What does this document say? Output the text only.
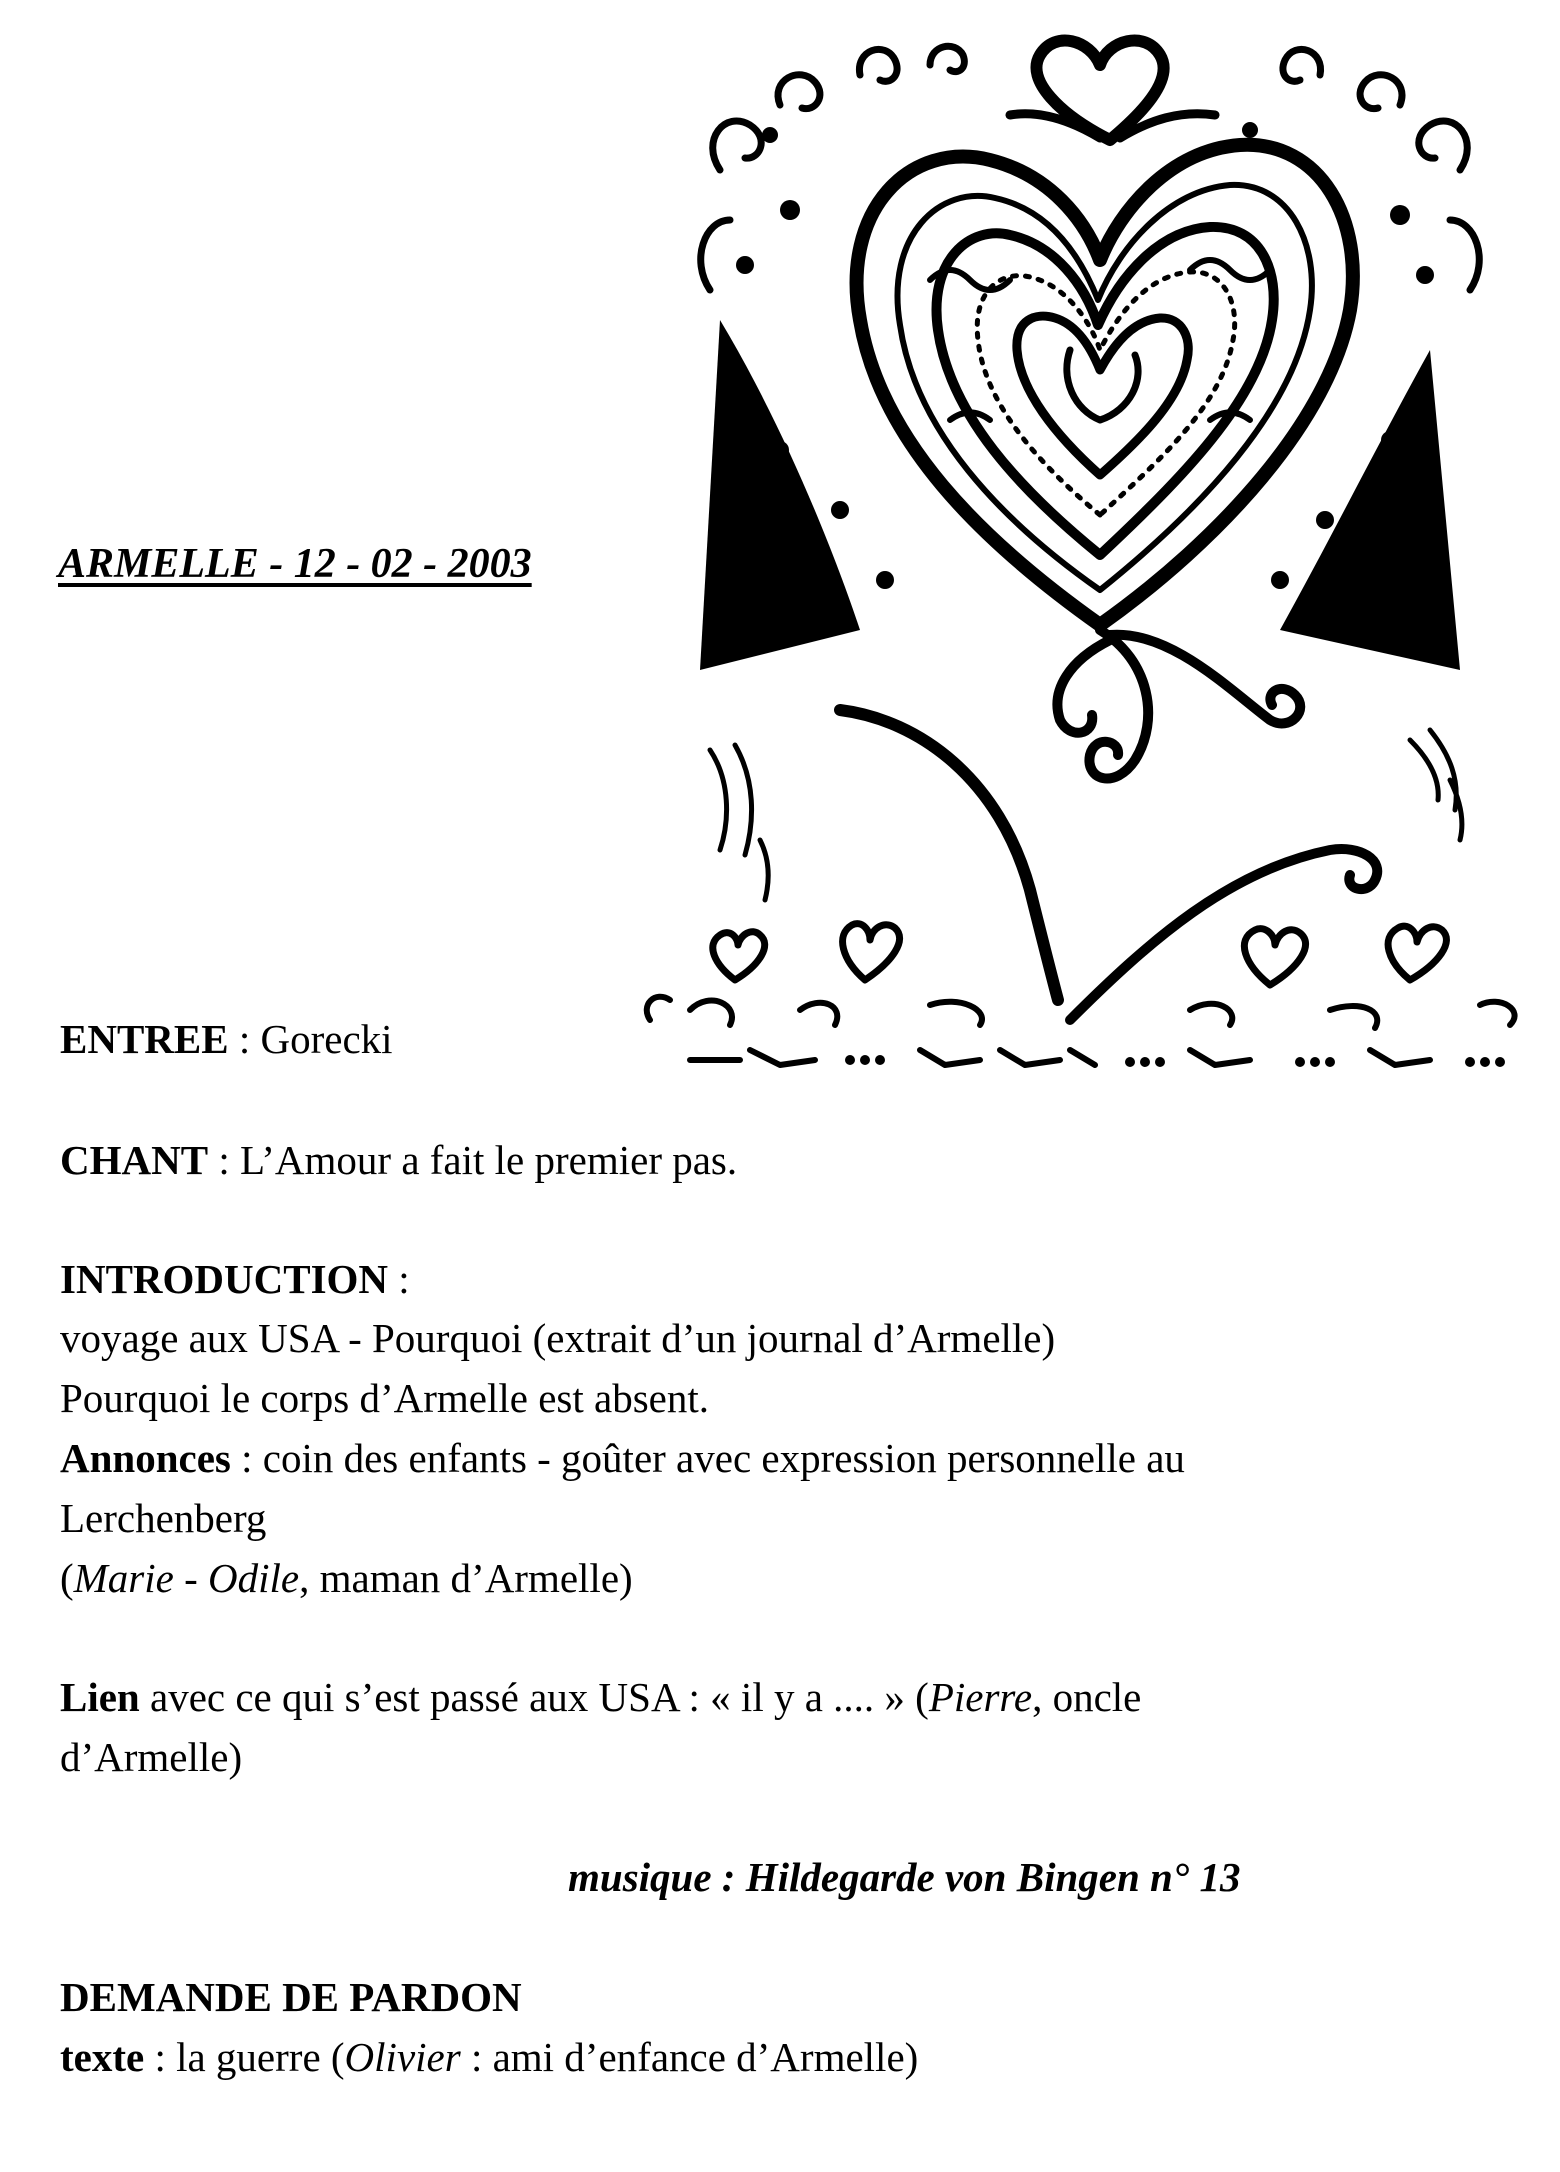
ARMELLE - 12 - 02 - 2003
ENTREE : Gorecki
CHANT : L’Amour a fait le premier pas.
INTRODUCTION :
voyage aux USA - Pourquoi (extrait d’un journal d’Armelle)
Pourquoi le corps d’Armelle est absent.
Annonces : coin des enfants - goûter avec expression personnelle au
Lerchenberg
(Marie - Odile, maman d’Armelle)
Lien avec ce qui s’est passé aux USA : « il y a .... » (Pierre, oncle
d’Armelle)
musique : Hildegarde von Bingen n° 13
DEMANDE DE PARDON
texte : la guerre (Olivier : ami d’enfance d’Armelle)
